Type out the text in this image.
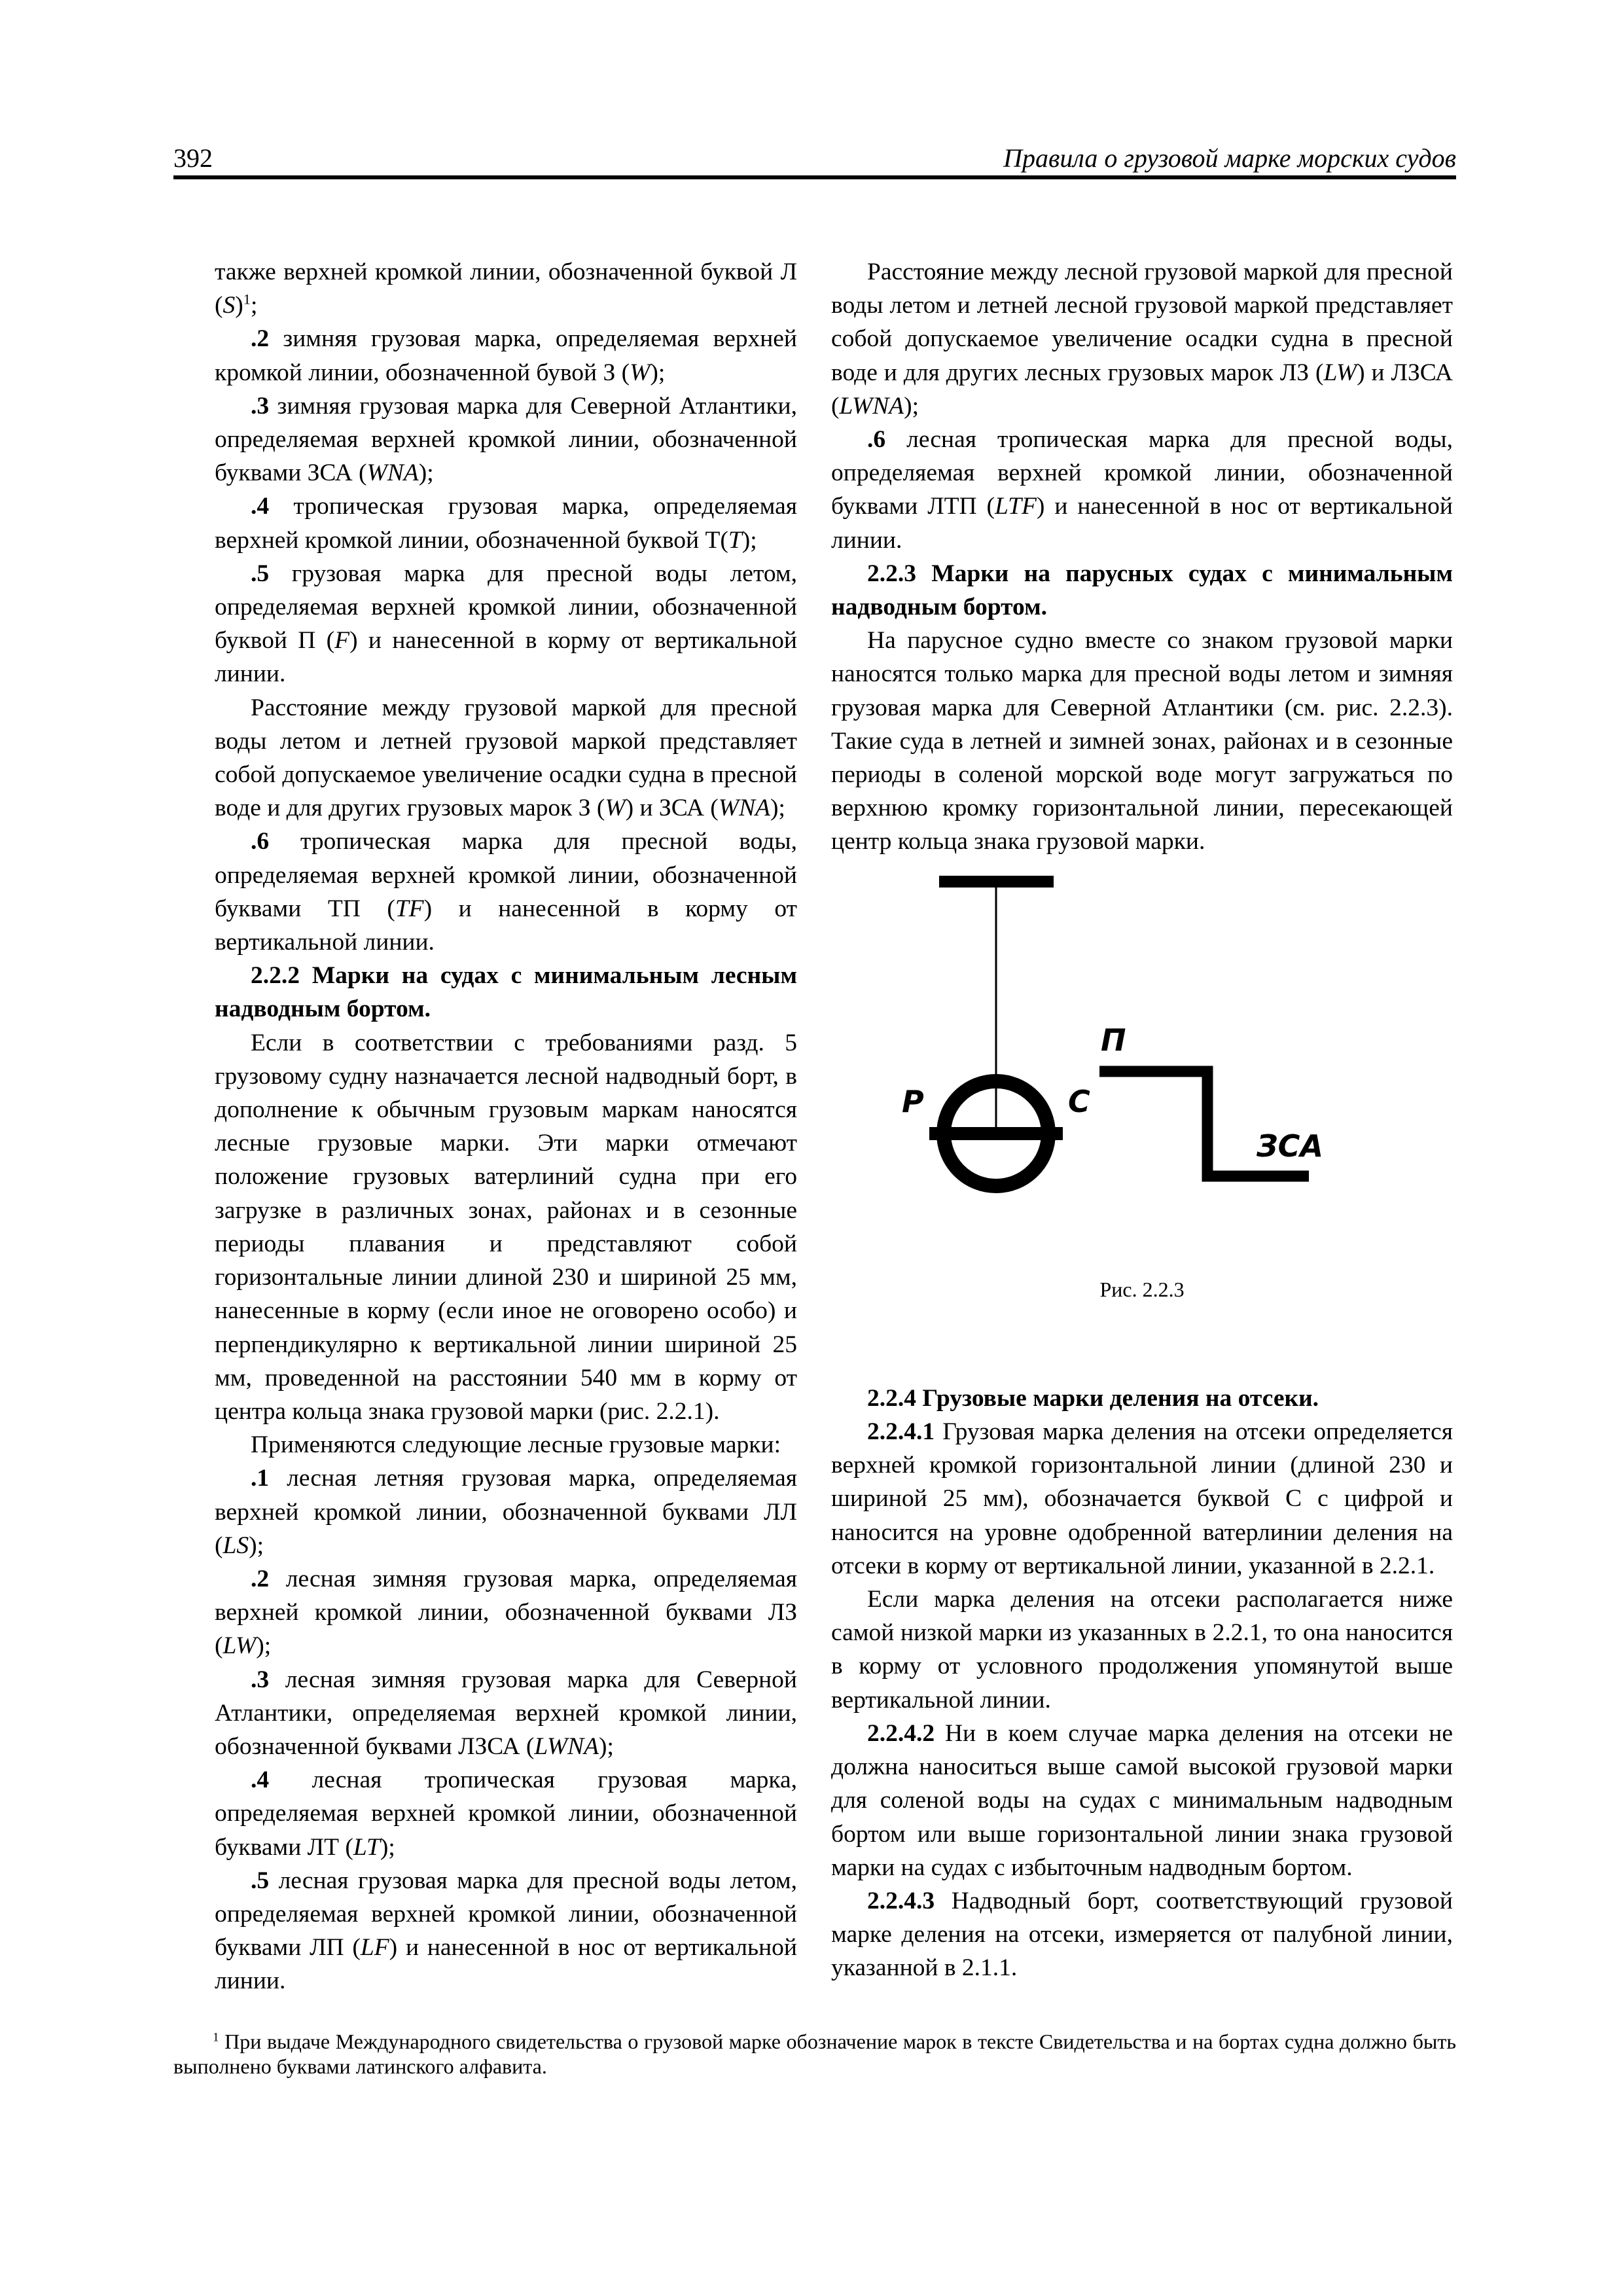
392	Правила о грузовой марке морских судов

также верхней кромкой линии, обозначенной буквой Л $(S)^1$;

.2 зимняя грузовая марка, определяемая верхней кромкой линии, обозначенной бувой З (W);

.3 зимняя грузовая марка для Северной Атлантики, определяемая верхней кромкой линии, обозначенной буквами ЗСА (WNA);

.4 тропическая грузовая марка, определяемая верхней кромкой линии, обозначенной буквой Т(T);

.5 грузовая марка для пресной воды летом, определяемая верхней кромкой линии, обозначенной буквой П (F) и нанесенной в корму от вертикальной линии.

Расстояние между грузовой маркой для пресной воды летом и летней грузовой маркой представляет собой допускаемое увеличение осадки судна в пресной воде и для других грузовых марок З (W) и ЗСА (WNA);

.6 тропическая марка для пресной воды, определяемая верхней кромкой линии, обозначенной буквами ТП (TF) и нанесенной в корму от вертикальной линии.

2.2.2 Марки на судах с минимальным лесным надводным бортом.

Если в соответствии с требованиями разд. 5 грузовому судну назначается лесной надводный борт, в дополнение к обычным грузовым маркам наносятся лесные грузовые марки. Эти марки отмечают положение грузовых ватерлиний судна при его загрузке в различных зонах, районах и в сезонные периоды плавания и представляют собой горизонтальные линии длиной 230 и шириной 25 мм, нанесенные в корму (если иное не оговорено особо) и перпендикулярно к вертикальной линии шириной 25 мм, проведенной на расстоянии 540 мм в корму от центра кольца знака грузовой марки (рис. 2.2.1).

Применяются следующие лесные грузовые марки:

.1 лесная летняя грузовая марка, определяемая верхней кромкой линии, обозначенной буквами ЛЛ (LS);

.2 лесная зимняя грузовая марка, определяемая верхней кромкой линии, обозначенной буквами ЛЗ (LW);

.3 лесная зимняя грузовая марка для Северной Атлантики, определяемая верхней кромкой линии, обозначенной буквами ЛЗСА (LWNA);

.4 лесная тропическая грузовая марка, определяемая верхней кромкой линии, обозначенной буквами ЛТ (LT);

.5 лесная грузовая марка для пресной воды летом, определяемая верхней кромкой линии, обозначенной буквами ЛП (LF) и нанесенной в нос от вертикальной линии.

Расстояние между лесной грузовой маркой для пресной воды летом и летней лесной грузовой маркой представляет собой допускаемое увеличение осадки судна в пресной воде и для других лесных грузовых марок ЛЗ (LW) и ЛЗСА (LWNA);

.6 лесная тропическая марка для пресной воды, определяемая верхней кромкой линии, обозначенной буквами ЛТП (LTF) и нанесенной в нос от вертикальной линии.

2.2.3 Марки на парусных судах с минимальным надводным бортом.

На парусное судно вместе со знаком грузовой марки наносятся только марка для пресной воды летом и зимняя грузовая марка для Северной Атлантики (см. рис. 2.2.3). Такие суда в летней и зимней зонах, районах и в сезонные периоды в соленой морской воде могут загружаться по верхнюю кромку горизонтальной линии, пересекающей центр кольца знака грузовой марки.

П
Р	С
ЗСА
Рис. 2.2.3

2.2.4 Грузовые марки деления на отсеки.

2.2.4.1 Грузовая марка деления на отсеки определяется верхней кромкой горизонтальной линии (длиной 230 и шириной 25 мм), обозначается буквой С с цифрой и наносится на уровне одобренной ватерлинии деления на отсеки в корму от вертикальной линии, указанной в 2.2.1.

Если марка деления на отсеки располагается ниже самой низкой марки из указанных в 2.2.1, то она наносится в корму от условного продолжения упомянутой выше вертикальной линии.

2.2.4.2 Ни в коем случае марка деления на отсеки не должна наноситься выше самой высокой грузовой марки для соленой воды на судах с минимальным надводным бортом или выше горизонтальной линии знака грузовой марки на судах с избыточным надводным бортом.

2.2.4.3 Надводный борт, соответствующий грузовой марке деления на отсеки, измеряется от палубной линии, указанной в 2.1.1.

$^1$ При выдаче Международного свидетельства о грузовой марке обозначение марок в тексте Свидетельства и на бортах судна должно быть выполнено буквами латинского алфавита.
